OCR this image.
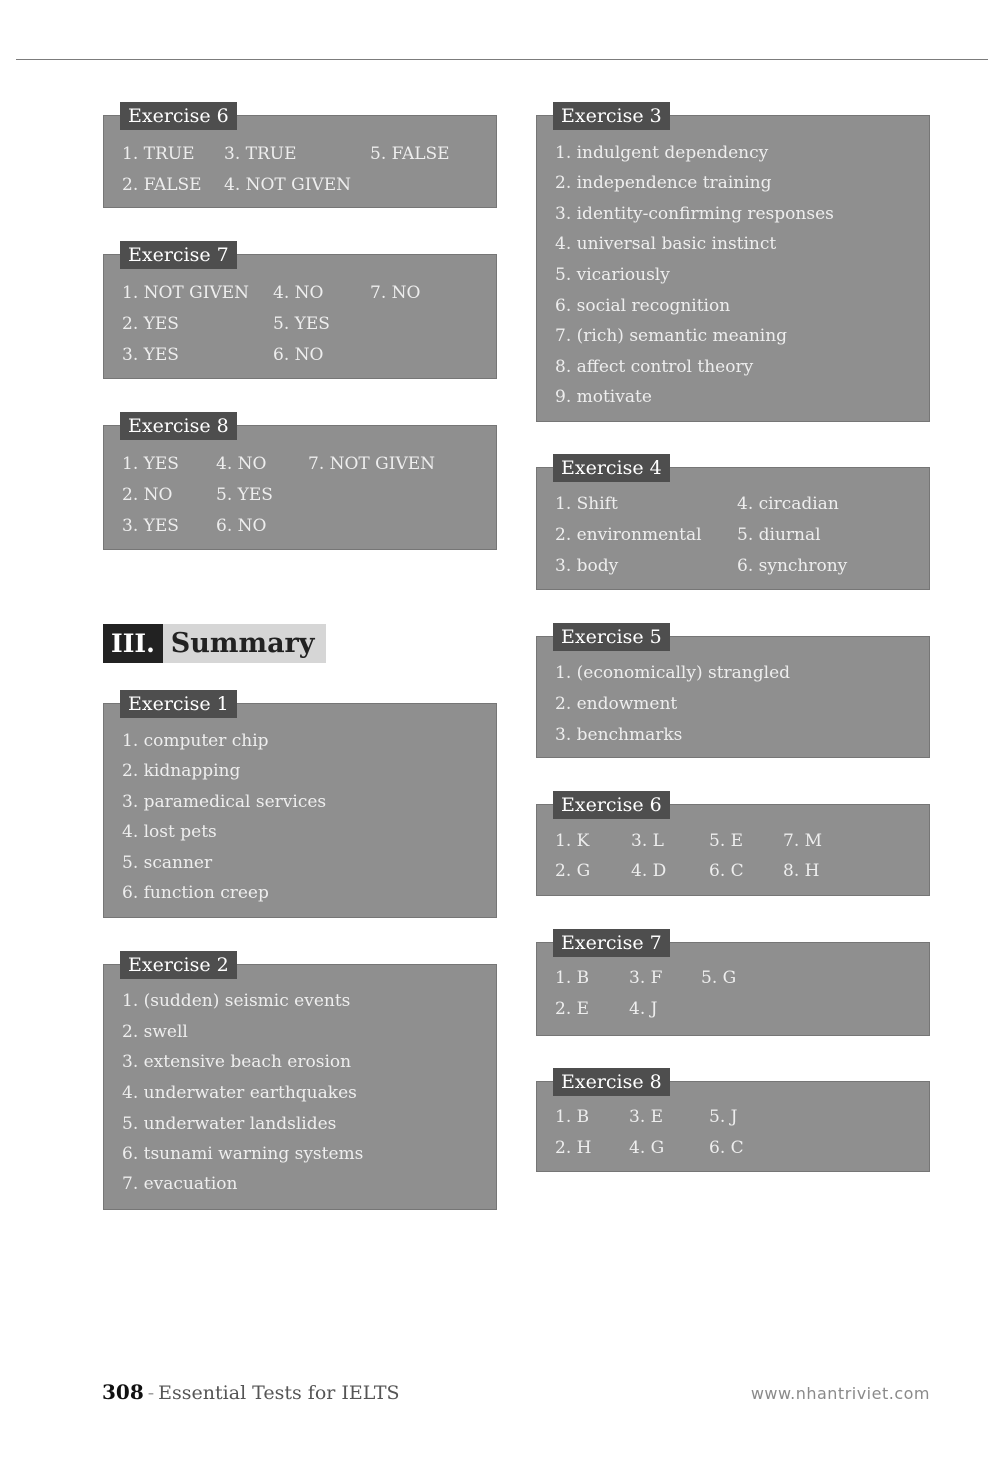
Exercise 6
1. TRUE
2. FALSE
3. TRUE
4. NOT GIVEN
5. FALSE
Exercise 7
1. NOT GIVEN
2. YES
3. YES
4. NO
5. YES
6. NO
7. NO
Exercise 8
1. YES
2. NO
3. YES
4. NO
5. YES
6. NO
7. NOT GIVEN
III. Summary
Exercise 1
1. computer chip
2. kidnapping
3. paramedical services
4. lost pets
5. scanner
6. function creep
Exercise 2
1. (sudden) seismic events
2. swell
3. extensive beach erosion
4. underwater earthquakes
5. underwater landslides
6. tsunami warning systems
7. evacuation
Exercise 3
1. indulgent dependency
2. independence training
3. identity-confirming responses
4. universal basic instinct
5. vicariously
6. social recognition
7. (rich) semantic meaning
8. affect control theory
9. motivate
Exercise 4
1. Shift
2. environmental
3. body
4. circadian
5. diurnal
6. synchrony
Exercise 5
1. (economically) strangled
2. endowment
3. benchmarks
Exercise 6
1. K
2. G
3. L
4. D
5. E
6. C
7. M
8. H
Exercise 7
1. B
2. E
3. F
4. J
5. G
Exercise 8
1. B
2. H
3. E
4. G
5. J
6. C
308 - Essential Tests for IELTS	www.nhantriviet.com
